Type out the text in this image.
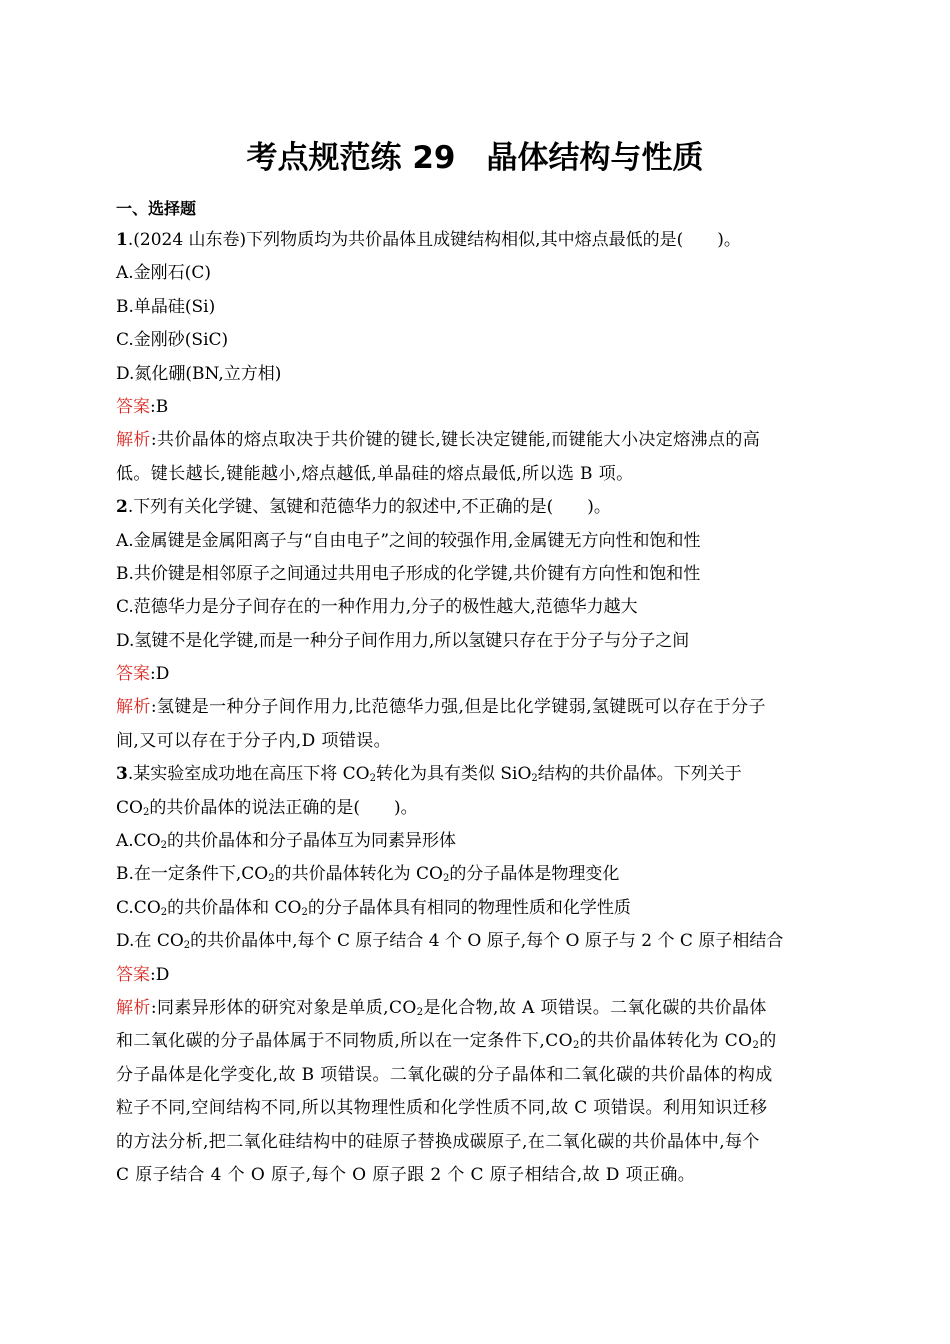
考点规范练 29　晶体结构与性质
一、选择题
1.(2024 山东卷)下列物质均为共价晶体且成键结构相似,其中熔点最低的是(　　)。
A.金刚石(C)
B.单晶硅(Si)
C.金刚砂(SiC)
D.氮化硼(BN,立方相)
答案:B
解析:共价晶体的熔点取决于共价键的键长,键长决定键能,而键能大小决定熔沸点的高
低。键长越长,键能越小,熔点越低,单晶硅的熔点最低,所以选 B 项。
2.下列有关化学键、氢键和范德华力的叙述中,不正确的是(　　)。
A.金属键是金属阳离子与“自由电子”之间的较强作用,金属键无方向性和饱和性
B.共价键是相邻原子之间通过共用电子形成的化学键,共价键有方向性和饱和性
C.范德华力是分子间存在的一种作用力,分子的极性越大,范德华力越大
D.氢键不是化学键,而是一种分子间作用力,所以氢键只存在于分子与分子之间
答案:D
解析:氢键是一种分子间作用力,比范德华力强,但是比化学键弱,氢键既可以存在于分子
间,又可以存在于分子内,D 项错误。
3.某实验室成功地在高压下将 $CO_2$转化为具有类似 SiO$_2$结构的共价晶体。下列关于
$CO_2$的共价晶体的说法正确的是(　　)。
$A.CO_2$的共价晶体和分子晶体互为同素异形体
B.在一定条件下$,CO_2$的共价晶体转化为 $CO_2$的分子晶体是物理变化
$C.CO_2$的共价晶体和 $CO_2$的分子晶体具有相同的物理性质和化学性质
D.在 $CO_2$的共价晶体中,每个 C 原子结合 4 个 O 原子,每个 O 原子与 2 个 C 原子相结合
答案:D
解析:同素异形体的研究对象是单质$,CO_2$是化合物,故 A 项错误。二氧化碳的共价晶体
和二氧化碳的分子晶体属于不同物质,所以在一定条件下$,CO_2$的共价晶体转化为 $CO_2$的
分子晶体是化学变化,故 B 项错误。二氧化碳的分子晶体和二氧化碳的共价晶体的构成
粒子不同,空间结构不同,所以其物理性质和化学性质不同,故 C 项错误。利用知识迁移
的方法分析,把二氧化硅结构中的硅原子替换成碳原子,在二氧化碳的共价晶体中,每个
C 原子结合 4 个 O 原子,每个 O 原子跟 2 个 C 原子相结合,故 D 项正确。
